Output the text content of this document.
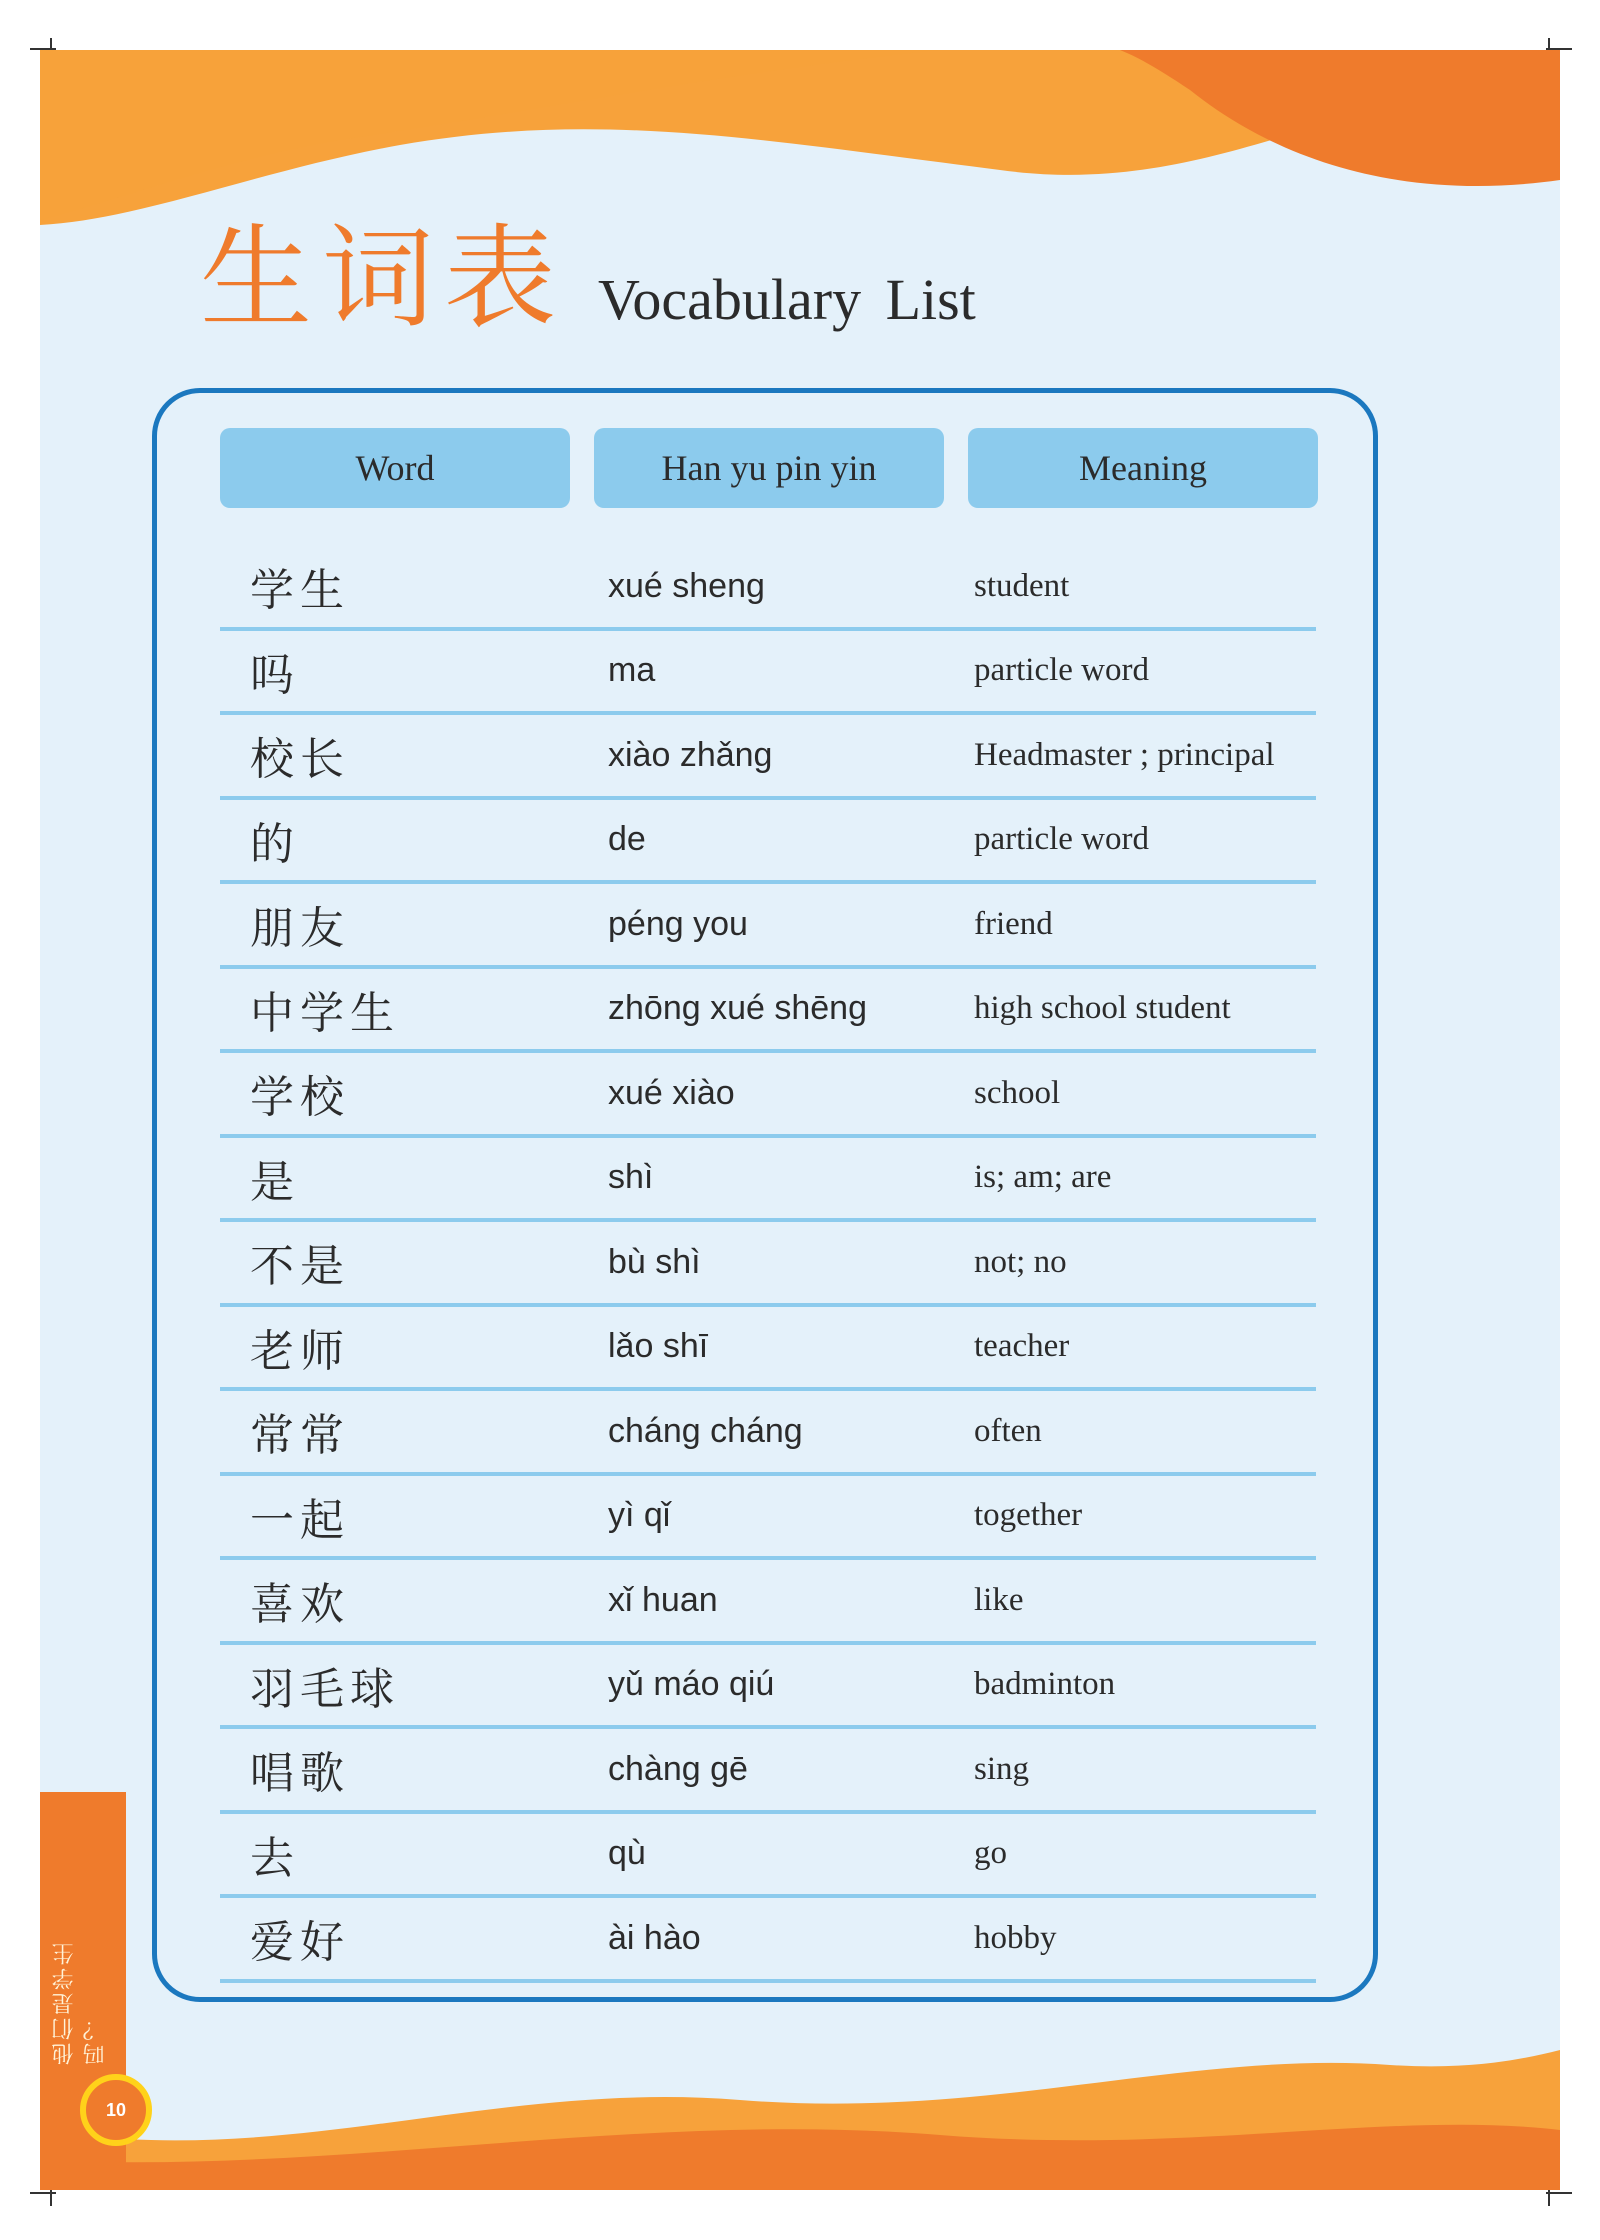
生词表 Vocabulary List
Word	Han yu pin yin	Meaning
学生	xué sheng	student
吗	ma	particle word
校长	xiào zhǎng	Headmaster ; principal
的	de	particle word
朋友	péng you	friend
中学生	zhōng xué shēng	high school student
学校	xué xiào	school
是	shì	is; am; are
不是	bù shì	not; no
老师	lǎo shī	teacher
常常	cháng cháng	often
一起	yì qǐ	together
喜欢	xǐ huan	like
羽毛球	yǔ máo qiú	badminton
唱歌	chàng gē	sing
去	qù	go
爱好	ài hào	hobby
他们是学生吗？
10
